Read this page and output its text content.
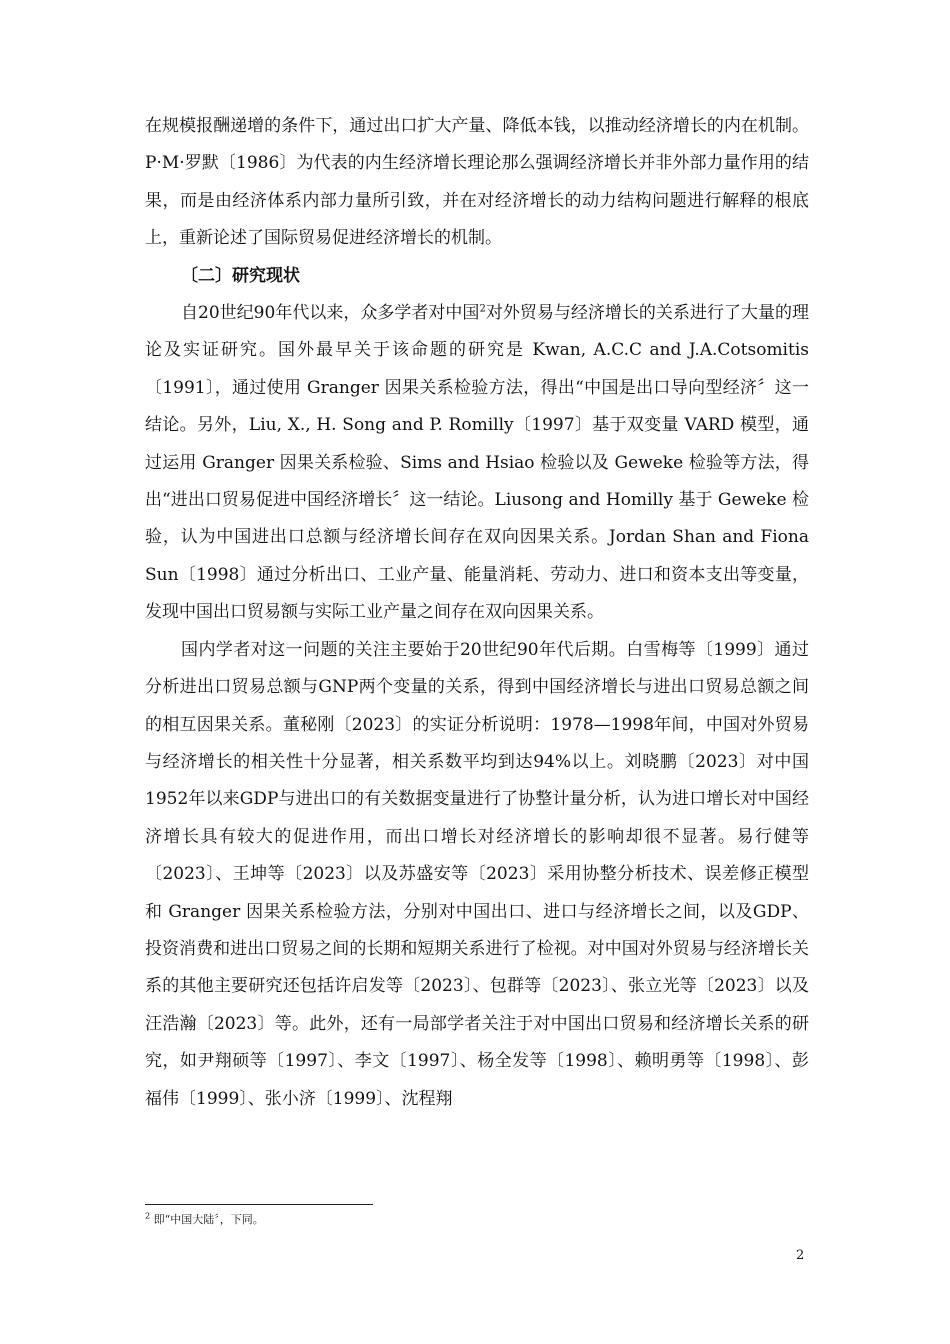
在规模报酬递增的条件下，通过出口扩大产量、降低本钱，以推动经济增长的内在机制。P·M·罗默〔1986〕为代表的内生经济增长理论那么强调经济增长并非外部力量作用的结果，而是由经济体系内部力量所引致，并在对经济增长的动力结构问题进行解释的根底上，重新论述了国际贸易促进经济增长的机制。

〔二〕研究现状

自20世纪90年代以来，众多学者对中国$^2$对外贸易与经济增长的关系进行了大量的理论及实证研究。国外最早关于该命题的研究是 Kwan, A.C.C and J.A.Cotsomitis〔1991〕，通过使用 Granger 因果关系检验方法，得出“中国是出口导向型经济〞这一结论。另外，Liu, X., H. Song and P. Romilly〔1997〕基于双变量 VARD 模型，通过运用 Granger 因果关系检验、Sims and Hsiao 检验以及 Geweke 检验等方法，得出“进出口贸易促进中国经济增长〞这一结论。Liusong and Homilly 基于 Geweke 检验，认为中国进出口总额与经济增长间存在双向因果关系。Jordan Shan and Fiona Sun〔1998〕通过分析出口、工业产量、能量消耗、劳动力、进口和资本支出等变量，发现中国出口贸易额与实际工业产量之间存在双向因果关系。

国内学者对这一问题的关注主要始于20世纪90年代后期。白雪梅等〔1999〕通过分析进出口贸易总额与GNP两个变量的关系，得到中国经济增长与进出口贸易总额之间的相互因果关系。董秘刚〔2023〕的实证分析说明：1978—1998年间，中国对外贸易与经济增长的相关性十分显著，相关系数平均到达94%以上。刘晓鹏〔2023〕对中国1952年以来GDP与进出口的有关数据变量进行了协整计量分析，认为进口增长对中国经济增长具有较大的促进作用，而出口增长对经济增长的影响却很不显著。易行健等〔2023〕、王坤等〔2023〕以及苏盛安等〔2023〕采用协整分析技术、误差修正模型和 Granger 因果关系检验方法，分别对中国出口、进口与经济增长之间，以及GDP、投资消费和进出口贸易之间的长期和短期关系进行了检视。对中国对外贸易与经济增长关系的其他主要研究还包括许启发等〔2023〕、包群等〔2023〕、张立光等〔2023〕以及汪浩瀚〔2023〕等。此外，还有一局部学者关注于对中国出口贸易和经济增长关系的研究，如尹翔硕等〔1997〕、李文〔1997〕、杨全发等〔1998〕、赖明勇等〔1998〕、彭福伟〔1999〕、张小济〔1999〕、沈程翔

$^2$ 即“中国大陆〞，下同。
2
